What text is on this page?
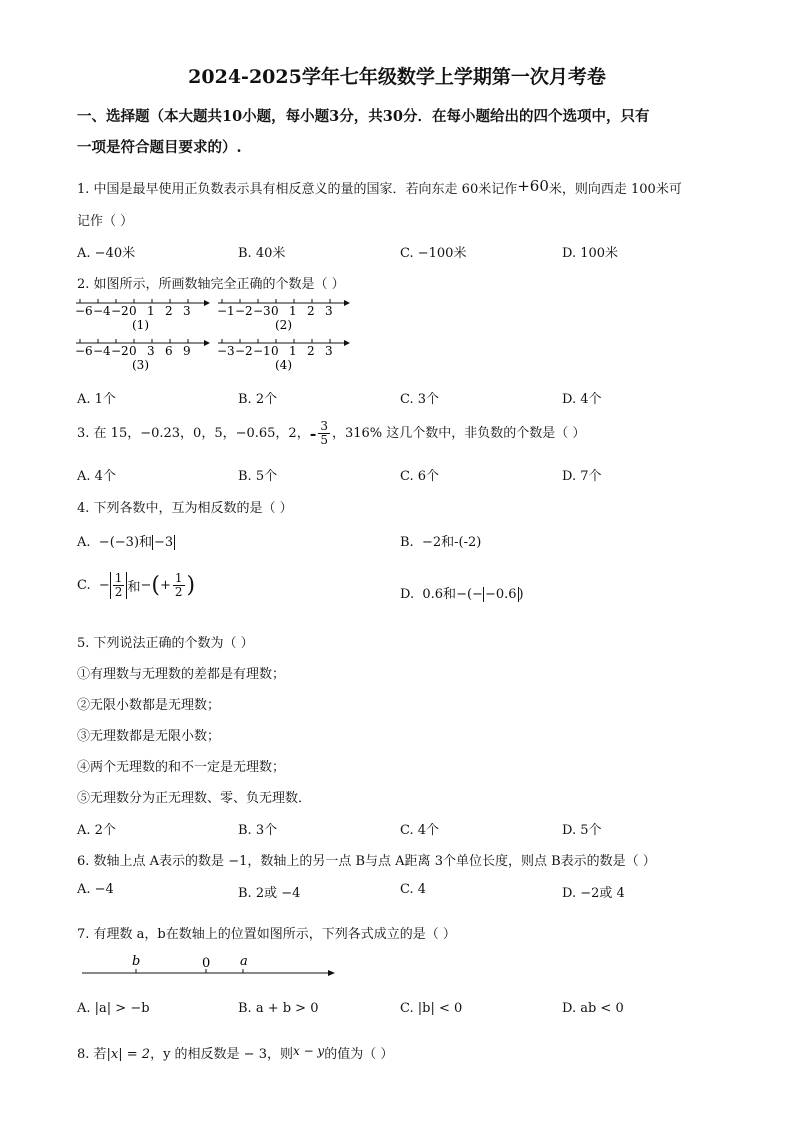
2024-2025学年七年级数学上学期第一次月考卷
一、选择题（本大题共10小题，每小题3分，共30分．在每小题给出的四个选项中，只有
一项是符合题目要求的）.
1. 中国是最早使用正负数表示具有相反意义的量的国家．若向东走 60米记作+60米，则向西走 100米可
记作（ ）
A. −40米	B. 40米	C. −100米	D. 100米
2. 如图所示，所画数轴完全正确的个数是（ ）
(1)	(2)
(3)	(4)
−6 −4 −2 0 1 2 3 −1 −2 −3 0 1 2 3
−6 −4 −2 0 3 6 9 −3 −2 −1 0 1 2 3
A. 1个	B. 2个	C. 3个	D. 4个
3. 在 15，−0.23，0，5，−0.65，2，- $\frac{3}{5}$ ，316% 这几个数中，非负数的个数是（ ）
A. 4个	B. 5个	C. 6个	D. 7个
4. 下列各数中，互为相反数的是（ ）
A. −(−3)和 −3	B. −2和-(-2)
C. − $\frac{1}{2}$ 和−(+ $\frac{1}{2}$ )	D. 0.6和−(− −0.6 )
5. 下列说法正确的个数为（ ）
①有理数与无理数的差都是有理数；
②无限小数都是无理数；
③无理数都是无限小数；
④两个无理数的和不一定是无理数；
⑤无理数分为正无理数、零、负无理数．
A. 2个	B. 3个	C. 4个	D. 5个
6. 数轴上点 A表示的数是 −1，数轴上的另一点 B与点 A距离 3个单位长度，则点 B表示的数是（ ）
A. −4	B. 2或 −4	C. 4	D. −2或 4
7. 有理数 a，b在数轴上的位置如图所示，下列各式成立的是（ ）
b	0 a
A. |a| > −b	B. a + b > 0	C. |b| < 0	D. ab < 0
8. 若|x| = 2，y 的相反数是 − 3，则x − y的值为（ ）
